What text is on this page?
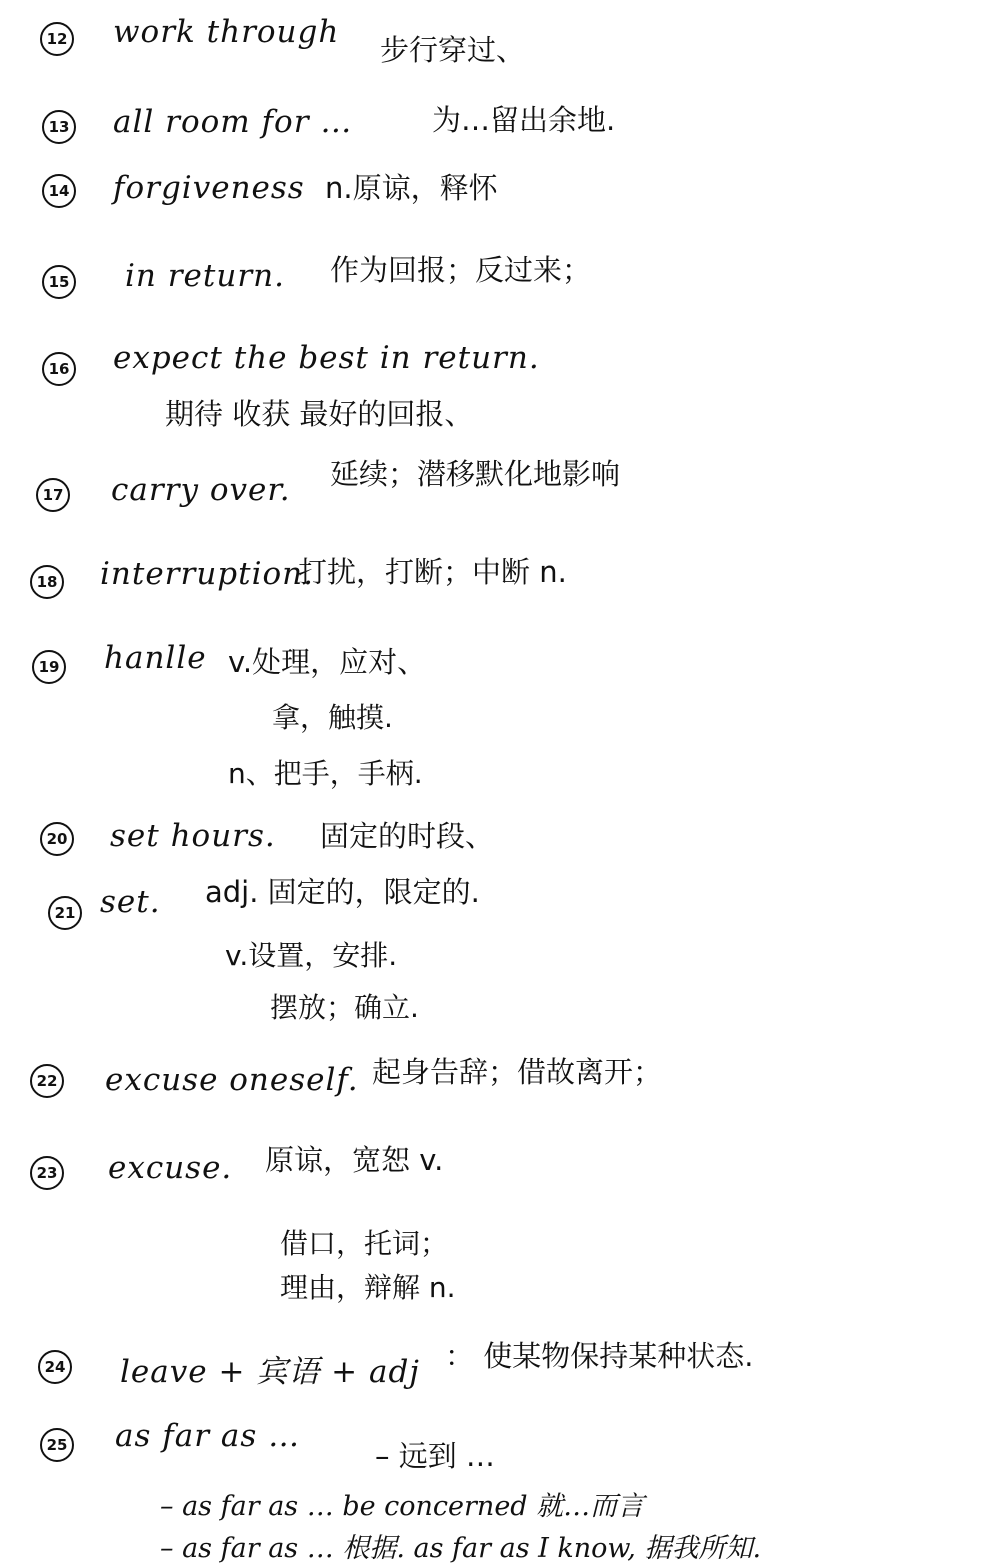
12 work through 步行穿过、
13 all room for …	为…留出余地.
14 forgiveness n.原谅，释怀
15 in return. 作为回报；反过来；
16 expect the best in return.
期待 收获 最好的回报、
17 carry over. 延续；潜移默化地影响
18 interruption.
打扰，打断；中断 n.
19 hanlle v.处理，应对、
拿，触摸.
n、把手，手柄.
20 set hours. 固定的时段、
21 set. adj. 固定的，限定的.
v.设置，安排.
摆放；确立.
22 excuse oneself. 起身告辞；借故离开；
23 excuse. 原谅，宽恕 v.
借口，托词；
理由，辩解 n.
24 leave + 宾语 + adj ： 使某物保持某种状态.
25 as far as …
– 远到 …
– as far as … be concerned 就…而言
– as far as … 根据. as far as I know, 据我所知.
